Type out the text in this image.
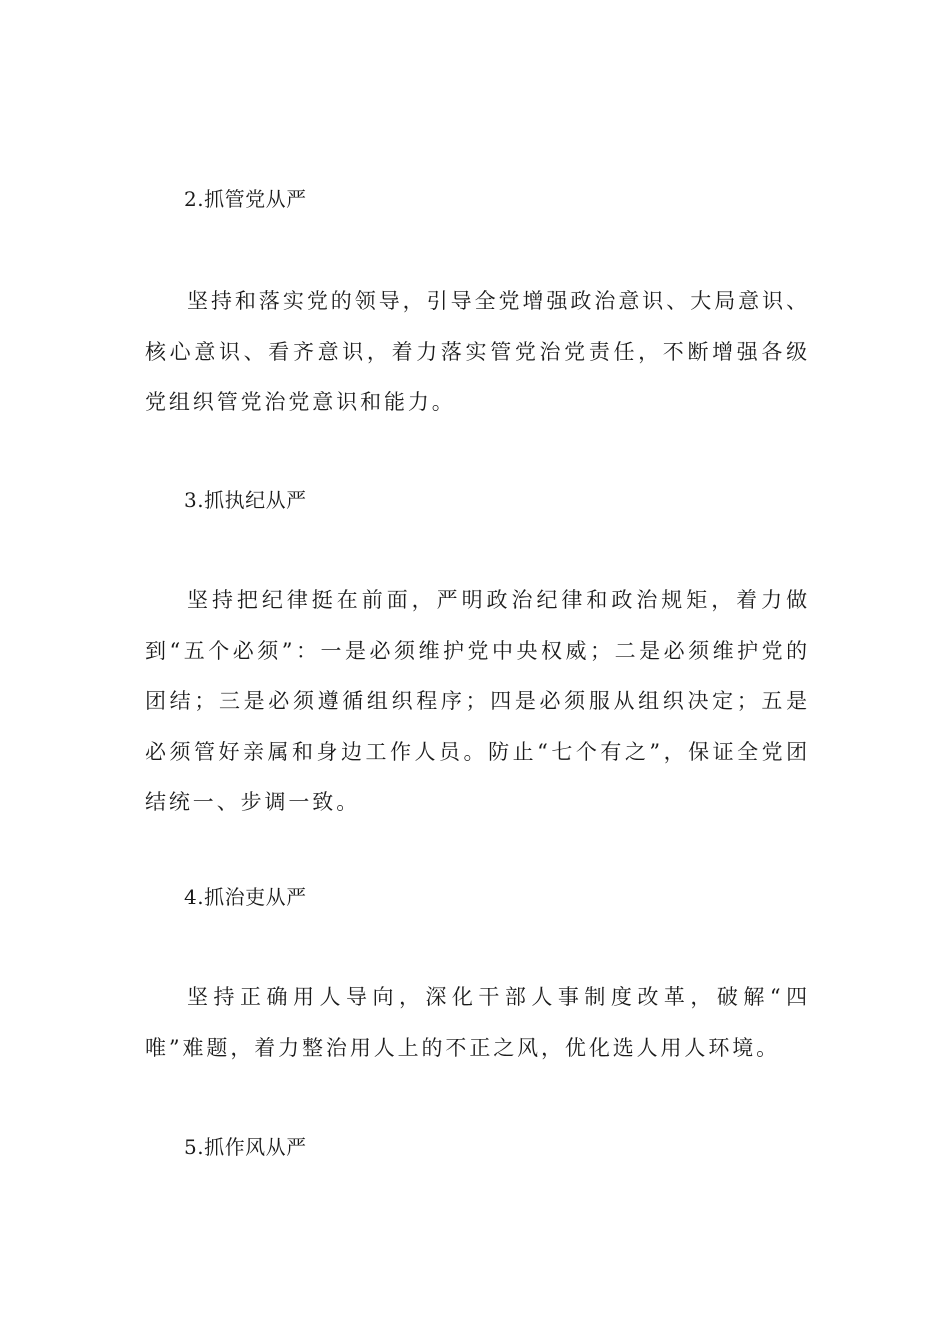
2.抓管党从严

坚持和落实党的领导，引导全党增强政治意识、大局意识、核心意识、看齐意识，着力落实管党治党责任，不断增强各级党组织管党治党意识和能力。

3.抓执纪从严

坚持把纪律挺在前面，严明政治纪律和政治规矩，着力做到“五个必须”：一是必须维护党中央权威；二是必须维护党的团结；三是必须遵循组织程序；四是必须服从组织决定；五是必须管好亲属和身边工作人员。防止“七个有之”，保证全党团结统一、步调一致。

4.抓治吏从严

坚持正确用人导向，深化干部人事制度改革，破解“四唯”难题，着力整治用人上的不正之风，优化选人用人环境。

5.抓作风从严
